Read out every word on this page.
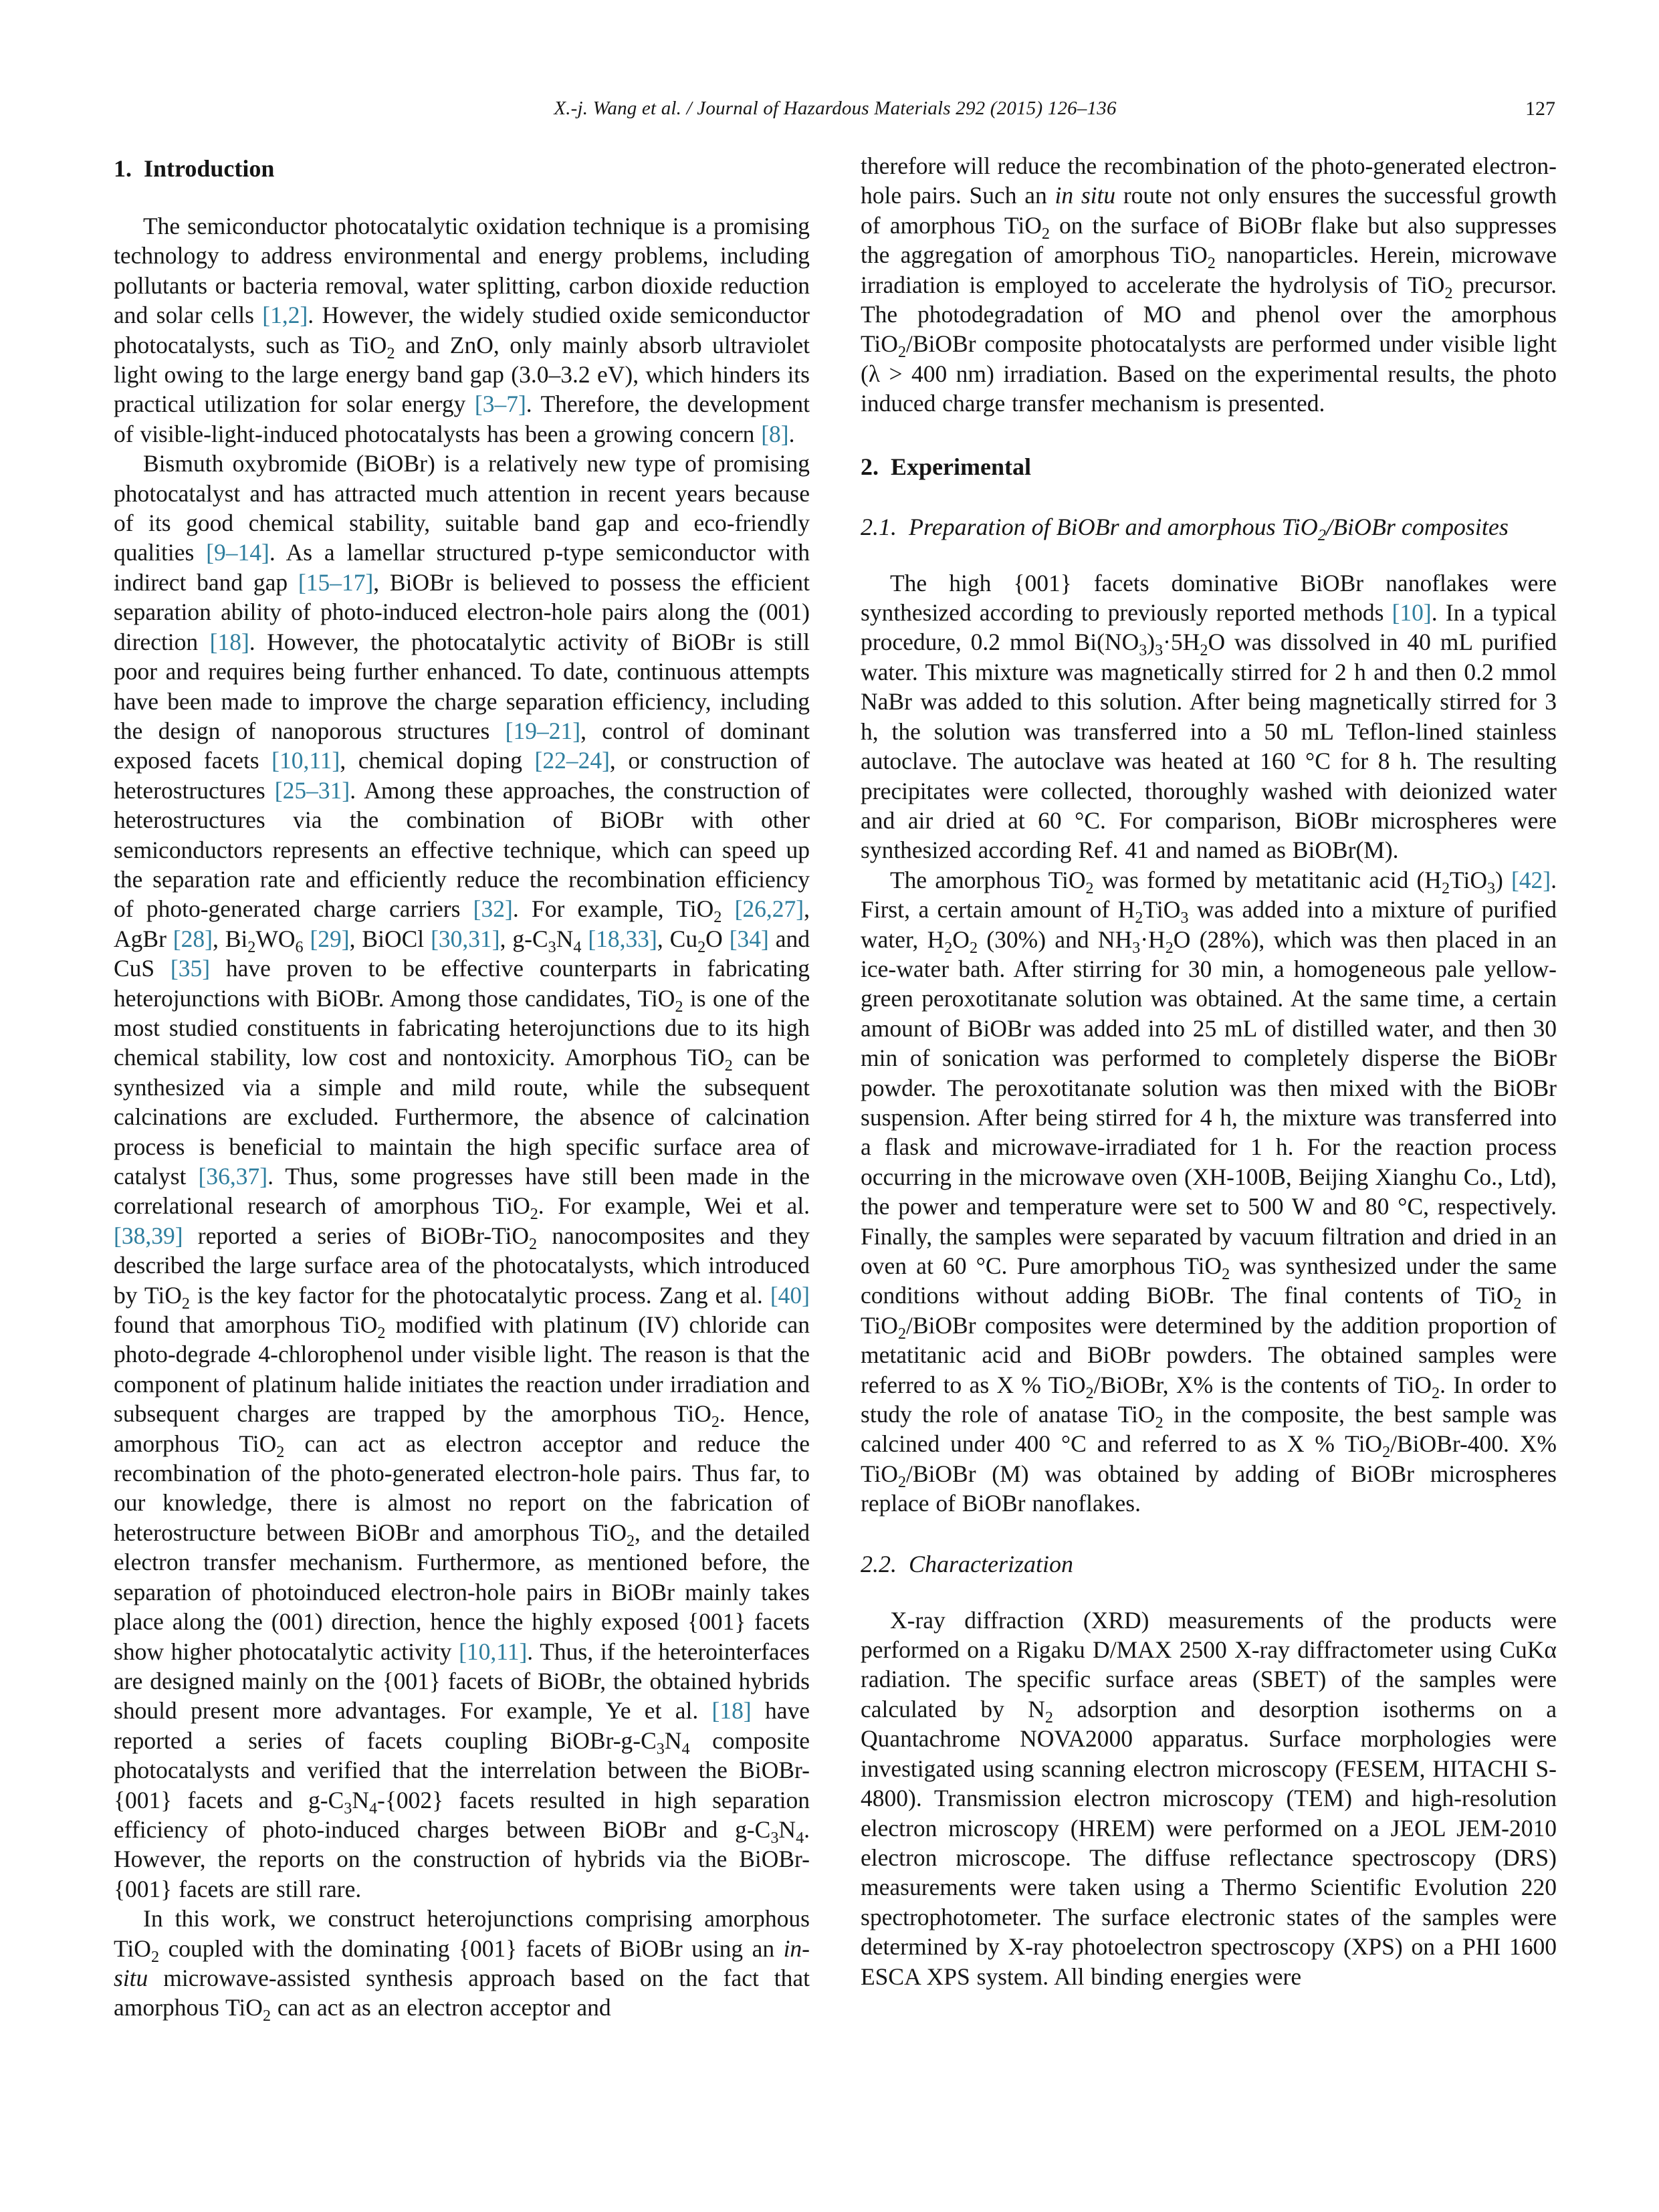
X.-j. Wang et al. / Journal of Hazardous Materials 292 (2015) 126–136	127
1.  Introduction

The semiconductor photocatalytic oxidation technique is a promising technology to address environmental and energy problems, including pollutants or bacteria removal, water splitting, carbon dioxide reduction and solar cells [1,2]. However, the widely studied oxide semiconductor photocatalysts, such as TiO$_2$ and ZnO, only mainly absorb ultraviolet light owing to the large energy band gap (3.0–3.2 eV), which hinders its practical utilization for solar energy [3–7]. Therefore, the development of visible-light-induced photocatalysts has been a growing concern [8].

Bismuth oxybromide (BiOBr) is a relatively new type of promising photocatalyst and has attracted much attention in recent years because of its good chemical stability, suitable band gap and eco-friendly qualities [9–14]. As a lamellar structured p-type semiconductor with indirect band gap [15–17], BiOBr is believed to possess the efficient separation ability of photo-induced electron-hole pairs along the (001) direction [18]. However, the photocatalytic activity of BiOBr is still poor and requires being further enhanced. To date, continuous attempts have been made to improve the charge separation efficiency, including the design of nanoporous structures [19–21], control of dominant exposed facets [10,11], chemical doping [22–24], or construction of heterostructures [25–31]. Among these approaches, the construction of heterostructures via the combination of BiOBr with other semiconductors represents an effective technique, which can speed up the separation rate and efficiently reduce the recombination efficiency of photo-generated charge carriers [32]. For example, TiO$_2$ [26,27], AgBr [28], $Bi_2WO_6$ [29], BiOCl [30,31], $g-C_3N_4$ [18,33], $Cu_2O$ [34] and CuS [35] have proven to be effective counterparts in fabricating heterojunctions with BiOBr. Among those candidates, TiO$_2$ is one of the most studied constituents in fabricating heterojunctions due to its high chemical stability, low cost and nontoxicity. Amorphous TiO$_2$ can be synthesized via a simple and mild route, while the subsequent calcinations are excluded. Furthermore, the absence of calcination process is beneficial to maintain the high specific surface area of catalyst [36,37]. Thus, some progresses have still been made in the correlational research of amorphous TiO$_2$. For example, Wei et al. [38,39] reported a series of BiOBr-TiO$_2$ nanocomposites and they described the large surface area of the photocatalysts, which introduced by TiO$_2$ is the key factor for the photocatalytic process. Zang et al. [40] found that amorphous TiO$_2$ modified with platinum (IV) chloride can photo-degrade 4-chlorophenol under visible light. The reason is that the component of platinum halide initiates the reaction under irradiation and subsequent charges are trapped by the amorphous TiO$_2$. Hence, amorphous TiO$_2$ can act as electron acceptor and reduce the recombination of the photo-generated electron-hole pairs. Thus far, to our knowledge, there is almost no report on the fabrication of heterostructure between BiOBr and amorphous TiO$_2$, and the detailed electron transfer mechanism. Furthermore, as mentioned before, the separation of photoinduced electron-hole pairs in BiOBr mainly takes place along the (001) direction, hence the highly exposed {001} facets show higher photocatalytic activity [10,11]. Thus, if the heterointerfaces are designed mainly on the {001} facets of BiOBr, the obtained hybrids should present more advantages. For example, Ye et al. [18] have reported a series of facets coupling BiOBr-$g-C_3N_4$ composite photocatalysts and verified that the interrelation between the BiOBr-{001} facets and $g-C_3N_4-\{002\}$ facets resulted in high separation efficiency of photo-induced charges between BiOBr and $g-C_3N_4$. However, the reports on the construction of hybrids via the BiOBr-{001} facets are still rare.

In this work, we construct heterojunctions comprising amorphous TiO$_2$ coupled with the dominating {001} facets of BiOBr using an in-situ microwave-assisted synthesis approach based on the fact that amorphous TiO$_2$ can act as an electron acceptor and

therefore will reduce the recombination of the photo-generated electron-hole pairs. Such an in situ route not only ensures the successful growth of amorphous TiO$_2$ on the surface of BiOBr flake but also suppresses the aggregation of amorphous TiO$_2$ nanoparticles. Herein, microwave irradiation is employed to accelerate the hydrolysis of TiO$_2$ precursor. The photodegradation of MO and phenol over the amorphous TiO$_2$/BiOBr composite photocatalysts are performed under visible light (λ > 400 nm) irradiation. Based on the experimental results, the photo induced charge transfer mechanism is presented.

2.  Experimental
2.1.  Preparation of BiOBr and amorphous TiO$_2$/BiOBr composites

The high {001} facets dominative BiOBr nanoflakes were synthesized according to previously reported methods [10]. In a typical procedure, 0.2 mmol $Bi(NO_3)_3\cdot 5H_2O$ was dissolved in 40 mL purified water. This mixture was magnetically stirred for 2 h and then 0.2 mmol NaBr was added to this solution. After being magnetically stirred for 3 h, the solution was transferred into a 50 mL Teflon-lined stainless autoclave. The autoclave was heated at 160 °C for 8 h. The resulting precipitates were collected, thoroughly washed with deionized water and air dried at 60 °C. For comparison, BiOBr microspheres were synthesized according Ref. 41 and named as BiOBr(M).

The amorphous TiO$_2$ was formed by metatitanic acid $(H_2TiO_3)$ [42]. First, a certain amount of $H_2TiO_3$ was added into a mixture of purified water, $H_2O_2$ (30%) and $NH_3\cdot H_2O$ (28%), which was then placed in an ice-water bath. After stirring for 30 min, a homogeneous pale yellow-green peroxotitanate solution was obtained. At the same time, a certain amount of BiOBr was added into 25 mL of distilled water, and then 30 min of sonication was performed to completely disperse the BiOBr powder. The peroxotitanate solution was then mixed with the BiOBr suspension. After being stirred for 4 h, the mixture was transferred into a flask and microwave-irradiated for 1 h. For the reaction process occurring in the microwave oven (XH-100B, Beijing Xianghu Co., Ltd), the power and temperature were set to 500 W and 80 °C, respectively. Finally, the samples were separated by vacuum filtration and dried in an oven at 60 °C. Pure amorphous TiO$_2$ was synthesized under the same conditions without adding BiOBr. The final contents of TiO$_2$ in TiO$_2$/BiOBr composites were determined by the addition proportion of metatitanic acid and BiOBr powders. The obtained samples were referred to as X % TiO$_2$/BiOBr, X% is the contents of TiO$_2$. In order to study the role of anatase TiO$_2$ in the composite, the best sample was calcined under 400 °C and referred to as X % TiO$_2$/BiOBr-400. X% TiO$_2$/BiOBr (M) was obtained by adding of BiOBr microspheres replace of BiOBr nanoflakes.

2.2.  Characterization

X-ray diffraction (XRD) measurements of the products were performed on a Rigaku D/MAX 2500 X-ray diffractometer using CuKα radiation. The specific surface areas (SBET) of the samples were calculated by $N_2$ adsorption and desorption isotherms on a Quantachrome NOVA2000 apparatus. Surface morphologies were investigated using scanning electron microscopy (FESEM, HITACHI S-4800). Transmission electron microscopy (TEM) and high-resolution electron microscopy (HREM) were performed on a JEOL JEM-2010 electron microscope. The diffuse reflectance spectroscopy (DRS) measurements were taken using a Thermo Scientific Evolution 220 spectrophotometer. The surface electronic states of the samples were determined by X-ray photoelectron spectroscopy (XPS) on a PHI 1600 ESCA XPS system. All binding energies were
